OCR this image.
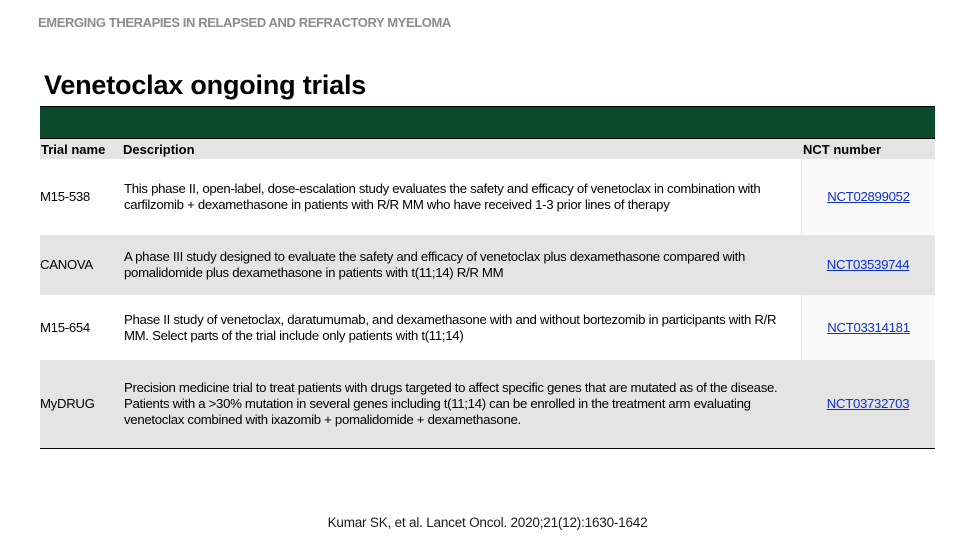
EMERGING THERAPIES IN RELAPSED AND REFRACTORY MYELOMA
Venetoclax ongoing trials
Trial name	Description	NCT number
M15-538
This phase II, open-label, dose-escalation study evaluates the safety and efficacy of venetoclax in combination with carfilzomib + dexamethasone in patients with R/R MM who have received 1-3 prior lines of therapy
NCT02899052
CANOVA
A phase III study designed to evaluate the safety and efficacy of venetoclax plus dexamethasone compared with pomalidomide plus dexamethasone in patients with t(11;14) R/R MM
NCT03539744
M15-654
Phase II study of venetoclax, daratumumab, and dexamethasone with and without bortezomib in participants with R/R MM. Select parts of the trial include only patients with t(11;14)
NCT03314181
MyDRUG
Precision medicine trial to treat patients with drugs targeted to affect specific genes that are mutated as of the disease. Patients with a >30% mutation in several genes including t(11;14) can be enrolled in the treatment arm evaluating venetoclax combined with ixazomib + pomalidomide + dexamethasone.
NCT03732703
Kumar SK, et al. Lancet Oncol. 2020;21(12):1630-1642
